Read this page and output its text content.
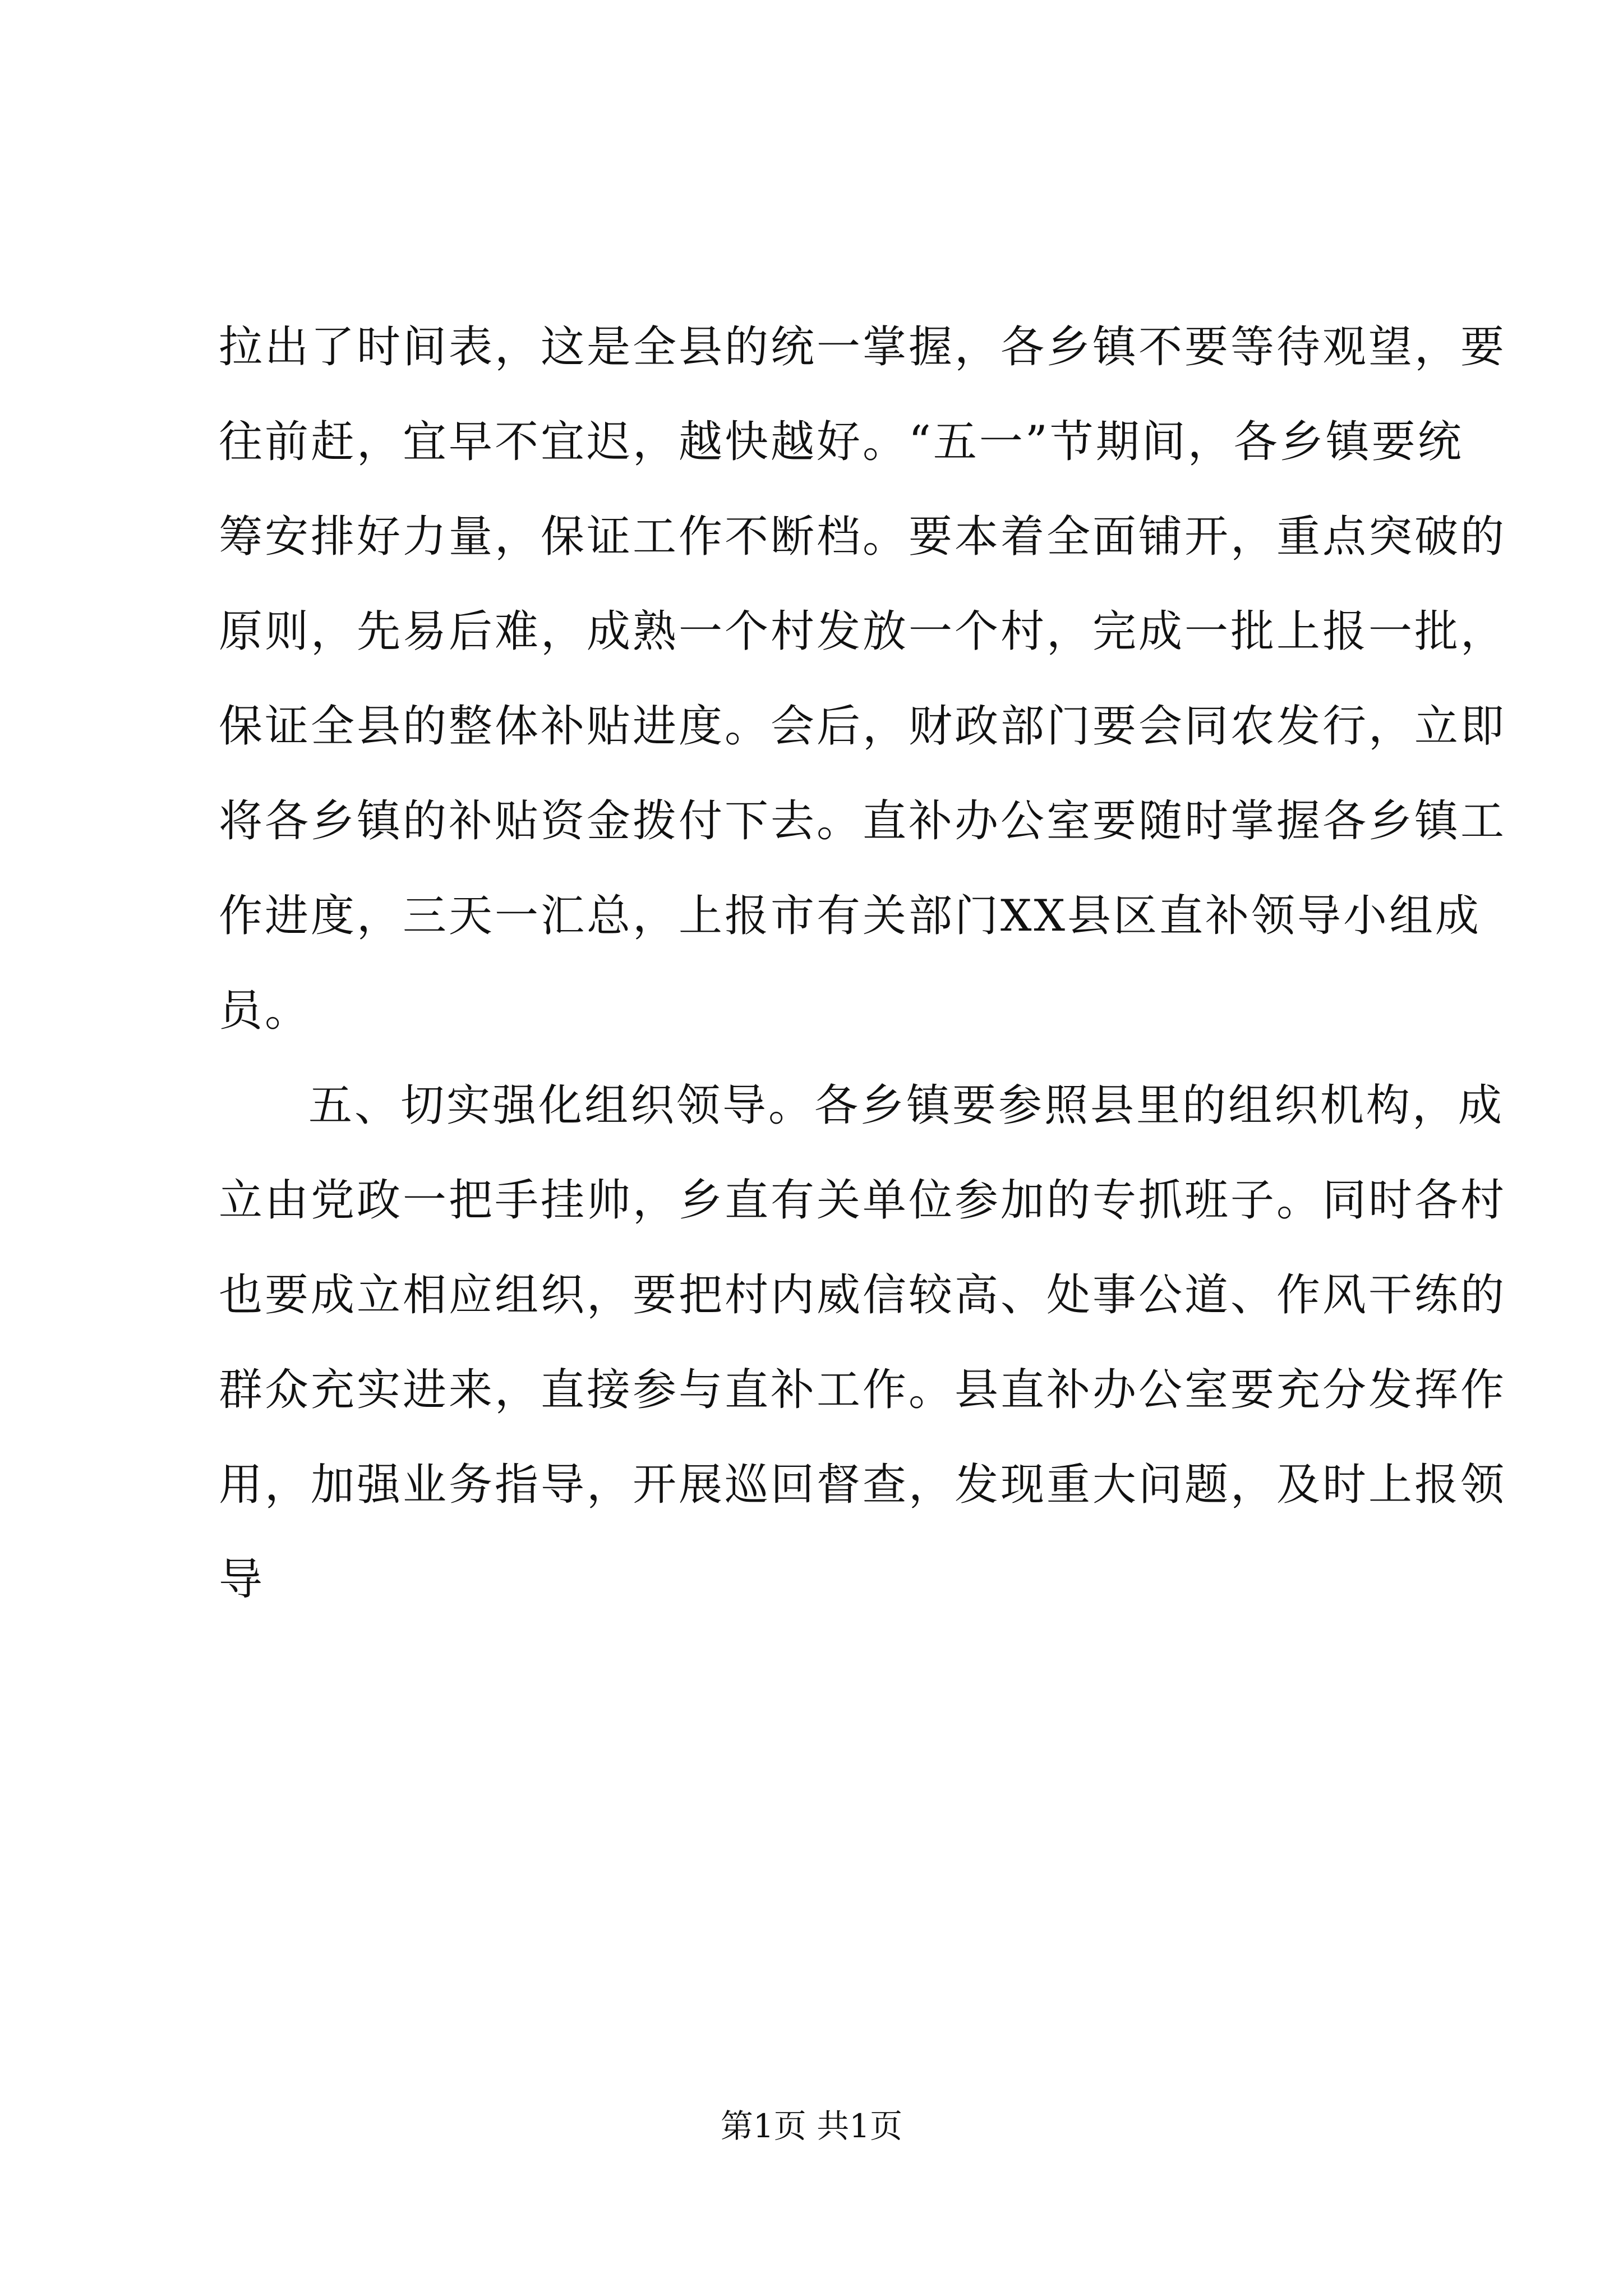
拉出了时间表，这是全县的统一掌握，各乡镇不要等待观望，要
往前赶，宜早不宜迟，越快越好。“五一”节期间，各乡镇要统
筹安排好力量，保证工作不断档。要本着全面铺开，重点突破的
原则，先易后难，成熟一个村发放一个村，完成一批上报一批，
保证全县的整体补贴进度。会后，财政部门要会同农发行，立即
将各乡镇的补贴资金拨付下去。直补办公室要随时掌握各乡镇工
作进度，三天一汇总，上报市有关部门XX县区直补领导小组成
员。
五、切实强化组织领导。各乡镇要参照县里的组织机构，成
立由党政一把手挂帅，乡直有关单位参加的专抓班子。同时各村
也要成立相应组织，要把村内威信较高、处事公道、作风干练的
群众充实进来，直接参与直补工作。县直补办公室要充分发挥作
用，加强业务指导，开展巡回督查，发现重大问题，及时上报领
导
第1页 共1页
